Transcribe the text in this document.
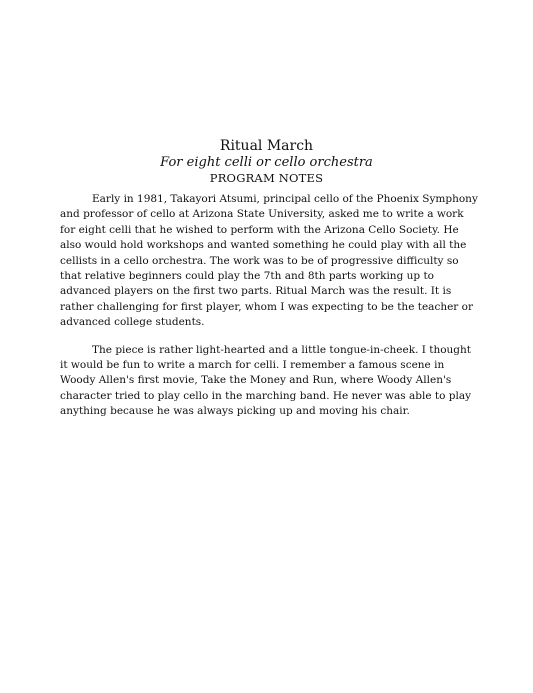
Ritual March

For eight celli or cello orchestra

PROGRAM NOTES

Early in 1981, Takayori Atsumi, principal cello of the Phoenix Symphony and professor of cello at Arizona State University, asked me to write a work for eight celli that he wished to perform with the Arizona Cello Society. He also would hold workshops and wanted something he could play with all the cellists in a cello orchestra. The work was to be of progressive difficulty so that relative beginners could play the 7th and 8th parts working up to advanced players on the first two parts. Ritual March was the result. It is rather challenging for first player, whom I was expecting to be the teacher or advanced college students.

The piece is rather light-hearted and a little tongue-in-cheek. I thought it would be fun to write a march for celli. I remember a famous scene in Woody Allen's first movie, Take the Money and Run, where Woody Allen's character tried to play cello in the marching band. He never was able to play anything because he was always picking up and moving his chair.
